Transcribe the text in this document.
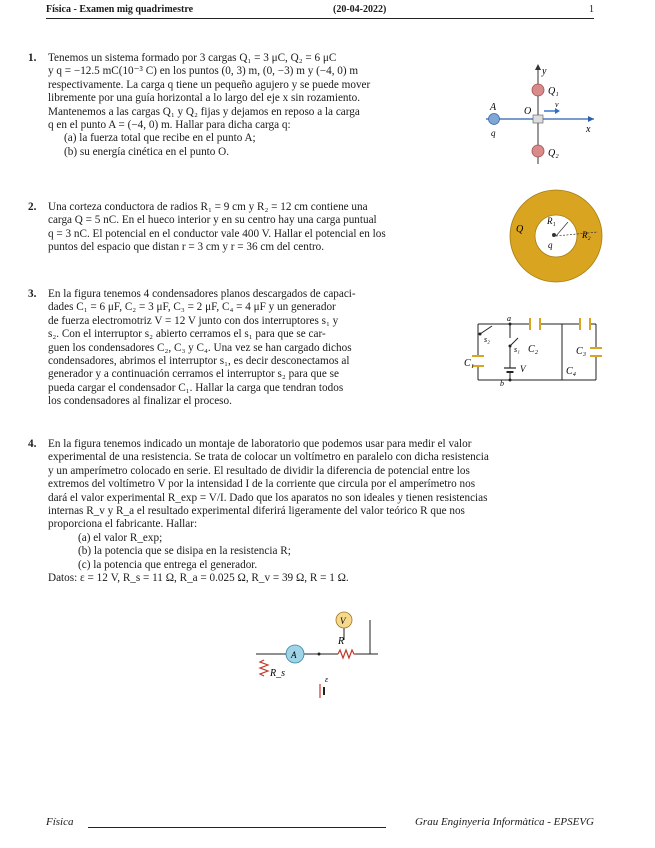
Física - Examen mig quadrimestre	(20-04-2022)	1
1.	Tenemos un sistema formado por 3 cargas Q₁ = 3 μC, Q₂ = 6 μC
y q = −12.5 mC(10⁻³ C) en los puntos (0, 3) m, (0, −3) m y (−4, 0) m
respectivamente. La carga q tiene un pequeño agujero y se puede mover
libremente por una guía horizontal a lo largo del eje x sin rozamiento.
Mantenemos a las cargas Q₁ y Q₂ fijas y dejamos en reposo a la carga
q en el punto A = (−4, 0) m. Hallar para dicha carga q:
(a) la fuerza total que recibe en el punto A;
(b) su energía cinética en el punto O.
y
x
Q₁
Q₂
A
q
O
v
2.	Una corteza conductora de radios R₁ = 9 cm y R₂ = 12 cm contiene una
carga Q = 5 nC. En el hueco interior y en su centro hay una carga puntual
q = 3 nC. El potencial en el conductor vale 400 V. Hallar el potencial en los
puntos del espacio que distan r = 3 cm y r = 36 cm del centro.
Q
R₁
R₂
q
3.	En la figura tenemos 4 condensadores planos descargados de capaci-
dades C₁ = 6 μF, C₂ = 3 μF, C₃ = 2 μF, C₄ = 4 μF y un generador
de fuerza electromotriz V = 12 V junto con dos interruptores s₁ y
s₂. Con el interruptor s₂ abierto cerramos el s₁ para que se car-
guen los condensadores C₂, C₃ y C₄. Una vez se han cargado dichos
condensadores, abrimos el interruptor s₁, es decir desconectamos al
generador y a continuación cerramos el interruptor s₂ para que se
pueda cargar el condensador C₁. Hallar la carga que tendran todos
los condensadores al finalizar el proceso.
C₁
C₂	C₃
C₄
s₁
s₂
V
a
b
4.	En la figura tenemos indicado un montaje de laboratorio que podemos usar para medir el valor
experimental de una resistencia. Se trata de colocar un voltímetro en paralelo con dicha resistencia
y un amperímetro colocado en serie. El resultado de dividir la diferencia de potencial entre los
extremos del voltímetro V por la intensidad I de la corriente que circula por el amperímetro nos
dará el valor experimental R_exp = V/I. Dado que los aparatos no son ideales y tienen resistencias
internas R_v y R_a el resultado experimental diferirá ligeramente del valor teórico R que nos
proporciona el fabricante. Hallar:
(a) el valor R_exp;
(b) la potencia que se disipa en la resistencia R;
(c) la potencia que entrega el generador.
Datos: ε = 12 V, R_s = 11 Ω, R_a = 0.025 Ω, R_v = 39 Ω, R = 1 Ω.
V
A
R
R_s
ε
Física	Grau Enginyeria Informàtica - EPSEVG
